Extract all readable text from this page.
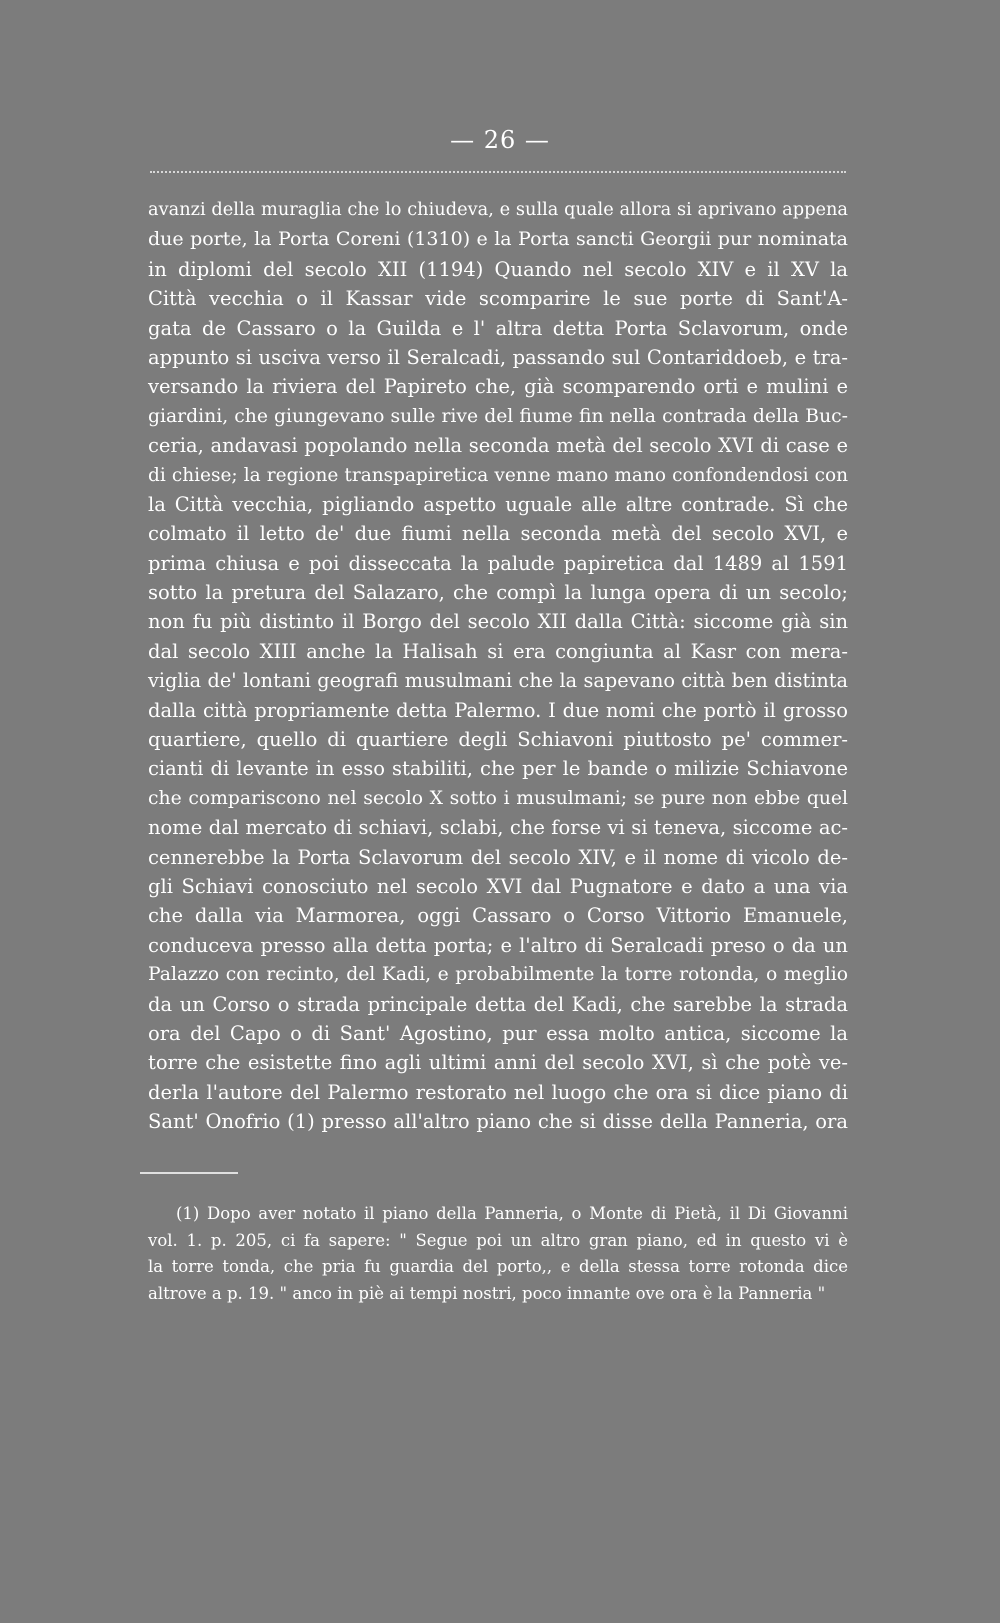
— 26 —
avanzi della muraglia che lo chiudeva, e sulla quale allora si aprivano appena
due porte, la Porta Coreni (1310) e la Porta sancti Georgii pur nominata
in diplomi del secolo XII (1194) Quando nel secolo XIV e il XV la
Città vecchia o il Kassar vide scomparire le sue porte di Sant'A-
gata de Cassaro o la Guilda e l' altra detta Porta Sclavorum, onde
appunto si usciva verso il Seralcadi, passando sul Contariddoeb, e tra-
versando la riviera del Papireto che, già scomparendo orti e mulini e
giardini, che giungevano sulle rive del fiume fin nella contrada della Buc-
ceria, andavasi popolando nella seconda metà del secolo XVI di case e
di chiese; la regione transpapiretica venne mano mano confondendosi con
la Città vecchia, pigliando aspetto uguale alle altre contrade. Sì che
colmato il letto de' due fiumi nella seconda metà del secolo XVI, e
prima chiusa e poi disseccata la palude papiretica dal 1489 al 1591
sotto la pretura del Salazaro, che compì la lunga opera di un secolo;
non fu più distinto il Borgo del secolo XII dalla Città: siccome già sin
dal secolo XIII anche la Halisah si era congiunta al Kasr con mera-
viglia de' lontani geografi musulmani che la sapevano città ben distinta
dalla città propriamente detta Palermo. I due nomi che portò il grosso
quartiere, quello di quartiere degli Schiavoni piuttosto pe' commer-
cianti di levante in esso stabiliti, che per le bande o milizie Schiavone
che compariscono nel secolo X sotto i musulmani; se pure non ebbe quel
nome dal mercato di schiavi, sclabi, che forse vi si teneva, siccome ac-
cennerebbe la Porta Sclavorum del secolo XIV, e il nome di vicolo de-
gli Schiavi conosciuto nel secolo XVI dal Pugnatore e dato a una via
che dalla via Marmorea, oggi Cassaro o Corso Vittorio Emanuele,
conduceva presso alla detta porta; e l'altro di Seralcadi preso o da un
Palazzo con recinto, del Kadi, e probabilmente la torre rotonda, o meglio
da un Corso o strada principale detta del Kadi, che sarebbe la strada
ora del Capo o di Sant' Agostino, pur essa molto antica, siccome la
torre che esistette fino agli ultimi anni del secolo XVI, sì che potè ve-
derla l'autore del Palermo restorato nel luogo che ora si dice piano di
Sant' Onofrio (1) presso all'altro piano che si disse della Panneria, ora
(1) Dopo aver notato il piano della Panneria, o Monte di Pietà, il Di Giovanni
vol. 1. p. 205, ci fa sapere: " Segue poi un altro gran piano, ed in questo vi è
la torre tonda, che pria fu guardia del porto,, e della stessa torre rotonda dice
altrove a p. 19. " anco in piè ai tempi nostri, poco innante ove ora è la Panneria "
